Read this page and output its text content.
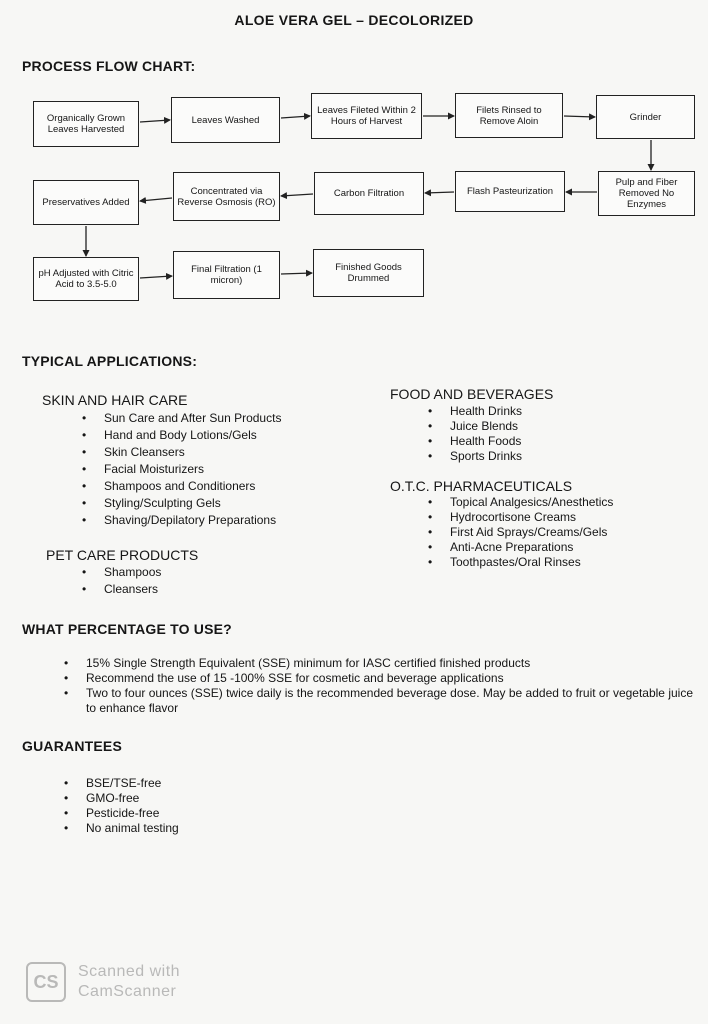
ALOE VERA GEL – DECOLORIZED
PROCESS FLOW CHART:
Organically Grown Leaves Harvested
Leaves Washed
Leaves Fileted Within 2 Hours of Harvest
Filets Rinsed to Remove Aloin	Grinder
Pulp and Fiber Removed No Enzymes
Flash Pasteurization
Carbon Filtration
Concentrated via Reverse Osmosis (RO)
Preservatives Added
pH Adjusted with Citric Acid to 3.5-5.0
Final Filtration (1 micron)
Finished Goods Drummed
TYPICAL APPLICATIONS:
SKIN AND HAIR CARE
• Sun Care and After Sun Products
• Hand and Body Lotions/Gels
• Skin Cleansers
• Facial Moisturizers
• Shampoos and Conditioners
• Styling/Sculpting Gels
• Shaving/Depilatory Preparations
PET CARE PRODUCTS
• Shampoos
• Cleansers
FOOD AND BEVERAGES
• Health Drinks
• Juice Blends
• Health Foods
• Sports Drinks
O.T.C. PHARMACEUTICALS
• Topical Analgesics/Anesthetics
• Hydrocortisone Creams
• First Aid Sprays/Creams/Gels
• Anti-Acne Preparations
• Toothpastes/Oral Rinses
WHAT PERCENTAGE TO USE?
• 15% Single Strength Equivalent (SSE) minimum for IASC certified finished products
• Recommend the use of 15 -100% SSE for cosmetic and beverage applications
• Two to four ounces (SSE) twice daily is the recommended beverage dose. May be added to fruit or vegetable juice to enhance flavor
GUARANTEES
• BSE/TSE-free
• GMO-free
• Pesticide-free
• No animal testing
CS	Scanned with
CamScanner
